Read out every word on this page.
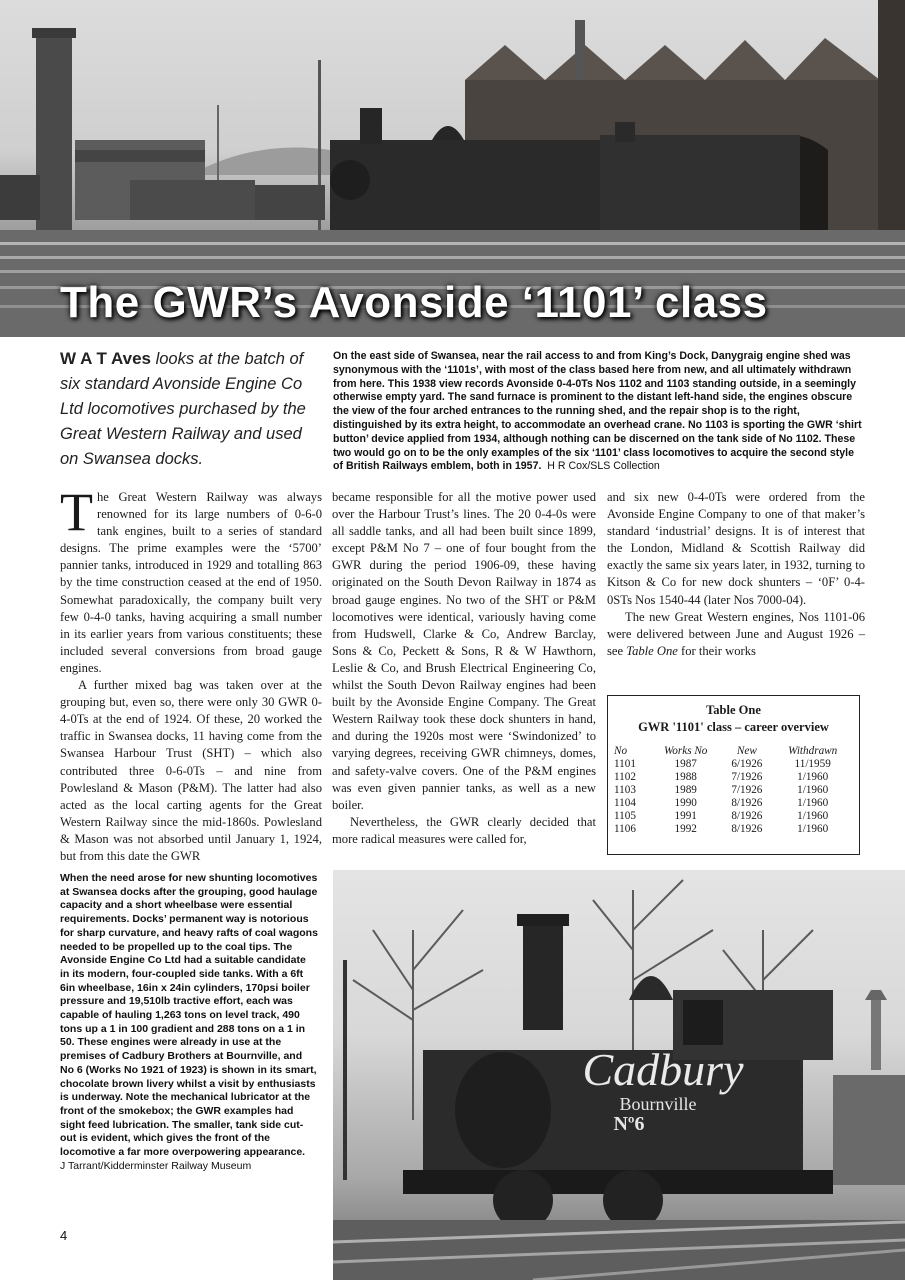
The GWR’s Avonside ‘1101’ class
W A T Aves looks at the batch of six standard Avonside Engine Co Ltd locomotives purchased by the Great Western Railway and used on Swansea docks.
On the east side of Swansea, near the rail access to and from King’s Dock, Danygraig engine shed was synonymous with the ‘1101s’, with most of the class based here from new, and all ultimately withdrawn from here. This 1938 view records Avonside 0-4-0Ts Nos 1102 and 1103 standing outside, in a seemingly otherwise empty yard. The sand furnace is prominent to the distant left-hand side, the engines obscure the view of the four arched entrances to the running shed, and the repair shop is to the right, distinguished by its extra height, to accommodate an overhead crane. No 1103 is sporting the GWR ‘shirt button’ device applied from 1934, although nothing can be discerned on the tank side of No 1102. These two would go on to be the only examples of the six ‘1101’ class locomotives to acquire the second style of British Railways emblem, both in 1957. H R Cox/SLS Collection

The Great Western Railway was always renowned for its large numbers of 0-6-0 tank engines, built to a series of standard designs. The prime examples were the ‘5700’ pannier tanks, introduced in 1929 and totalling 863 by the time construction ceased at the end of 1950. Somewhat paradoxically, the company built very few 0-4-0 tanks, having acquiring a small number in its earlier years from various constituents; these included several conversions from broad gauge engines.

A further mixed bag was taken over at the grouping but, even so, there were only 30 GWR 0-4-0Ts at the end of 1924. Of these, 20 worked the traffic in Swansea docks, 11 having come from the Swansea Harbour Trust (SHT) – which also contributed three 0-6-0Ts – and nine from Powlesland & Mason (P&M). The latter had also acted as the local carting agents for the Great Western Railway since the mid-1860s. Powlesland & Mason was not absorbed until January 1, 1924, but from this date the GWR

became responsible for all the motive power used over the Harbour Trust’s lines. The 20 0-4-0s were all saddle tanks, and all had been built since 1899, except P&M No 7 – one of four bought from the GWR during the period 1906-09, these having originated on the South Devon Railway in 1874 as broad gauge engines. No two of the SHT or P&M locomotives were identical, variously having come from Hudswell, Clarke & Co, Andrew Barclay, Sons & Co, Peckett & Sons, R & W Hawthorn, Leslie & Co, and Brush Electrical Engineering Co, whilst the South Devon Railway engines had been built by the Avonside Engine Company. The Great Western Railway took these dock shunters in hand, and during the 1920s most were ‘Swindonized’ to varying degrees, receiving GWR chimneys, domes, and safety-valve covers. One of the P&M engines was even given pannier tanks, as well as a new boiler.

Nevertheless, the GWR clearly decided that more radical measures were called for,

and six new 0-4-0Ts were ordered from the Avonside Engine Company to one of that maker’s standard ‘industrial’ designs. It is of interest that the London, Midland & Scottish Railway did exactly the same six years later, in 1932, turning to Kitson & Co for new dock shunters – ‘0F’ 0-4-0STs Nos 1540-44 (later Nos 7000-04).

The new Great Western engines, Nos 1101-06 were delivered between June and August 1926 – see Table One for their works

Table One
GWR '1101' class – career overview
No	Works No	New	Withdrawn
1101	1987	6/1926	11/1959
1102	1988	7/1926	1/1960
1103	1989	7/1926	1/1960
1104	1990	8/1926	1/1960
1105	1991	8/1926	1/1960
1106	1992	8/1926	1/1960
When the need arose for new shunting locomotives at Swansea docks after the grouping, good haulage capacity and a short wheelbase were essential requirements. Docks’ permanent way is notorious for sharp curvature, and heavy rafts of coal wagons needed to be propelled up to the coal tips. The Avonside Engine Co Ltd had a suitable candidate in its modern, four-coupled side tanks. With a 6ft 6in wheelbase, 16in x 24in cylinders, 170psi boiler pressure and 19,510lb tractive effort, each was capable of hauling 1,263 tons on level track, 490 tons up a 1 in 100 gradient and 288 tons on a 1 in 50. These engines were already in use at the premises of Cadbury Brothers at Bournville, and No 6 (Works No 1921 of 1923) is shown in its smart, chocolate brown livery whilst a visit by enthusiasts is underway. Note the mechanical lubricator at the front of the smokebox; the GWR examples had sight feed lubrication. The smaller, tank side cut-out is evident, which gives the front of the locomotive a far more overpowering appearance.
J Tarrant/Kidderminster Railway Museum
Cadbury
Bournville
Nº6
4
